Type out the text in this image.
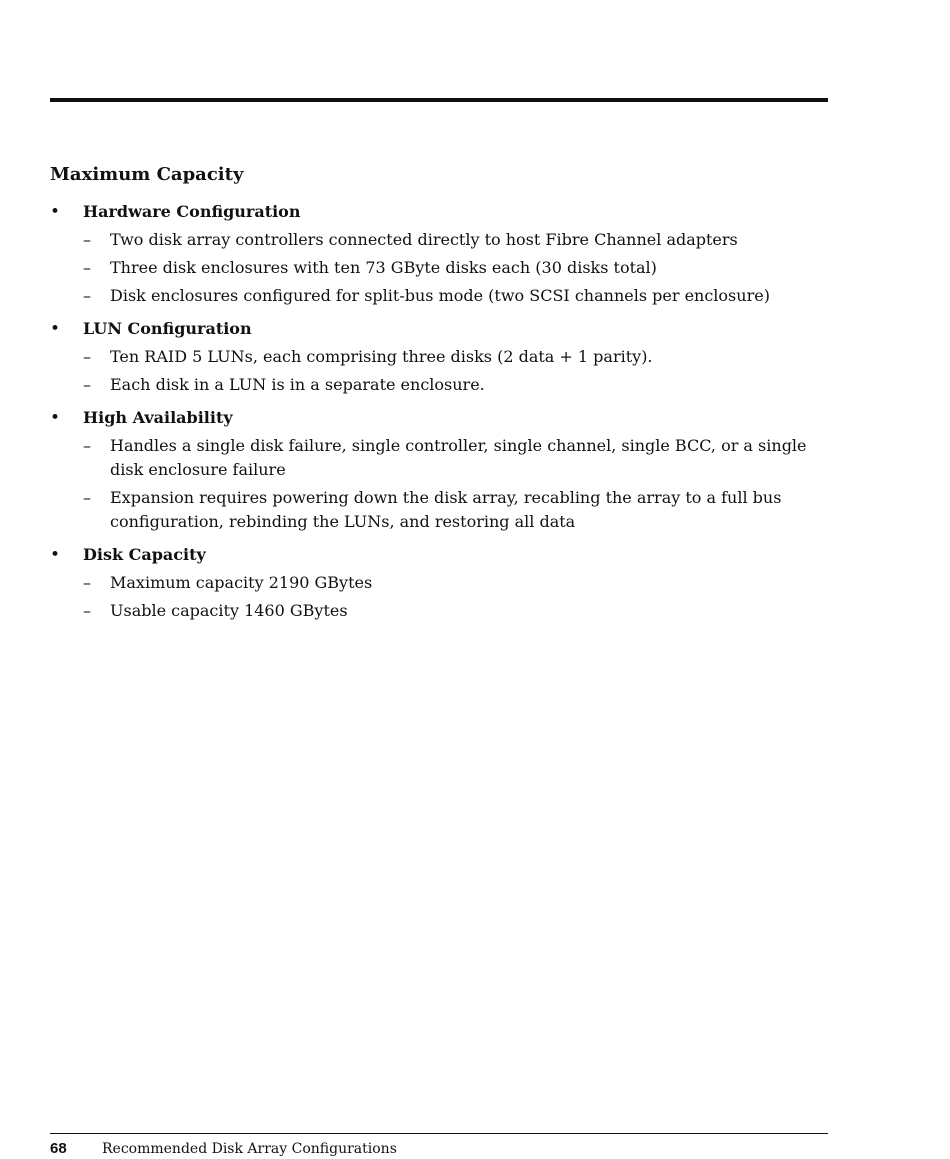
Maximum Capacity
• Hardware Configuration
– Two disk array controllers connected directly to host Fibre Channel adapters
– Three disk enclosures with ten 73 GByte disks each (30 disks total)
– Disk enclosures configured for split-bus mode (two SCSI channels per enclosure)
• LUN Configuration
– Ten RAID 5 LUNs, each comprising three disks (2 data + 1 parity).
– Each disk in a LUN is in a separate enclosure.
• High Availability
– Handles a single disk failure, single controller, single channel, single BCC, or a single disk enclosure failure
– Expansion requires powering down the disk array, recabling the array to a full bus configuration, rebinding the LUNs, and restoring all data
• Disk Capacity
– Maximum capacity 2190 GBytes
– Usable capacity 1460 GBytes
68	Recommended Disk Array Configurations
